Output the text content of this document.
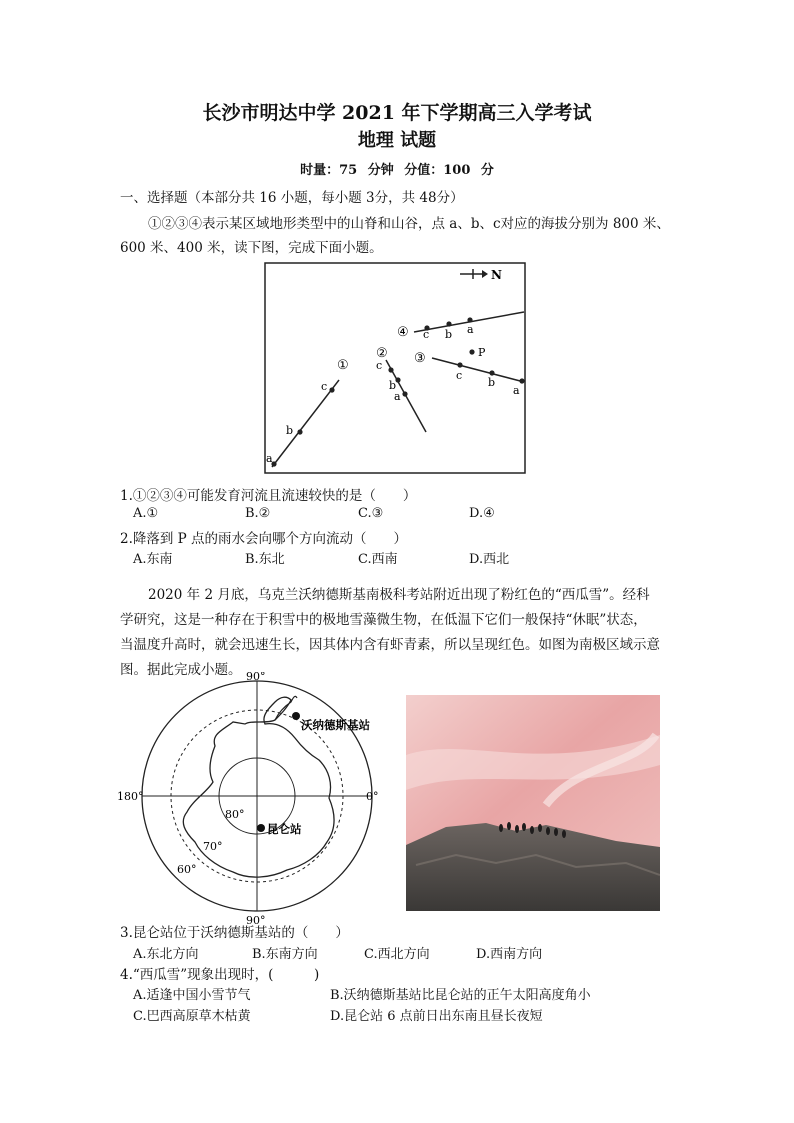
长沙市明达中学 2021 年下学期高三入学考试
地理 试题
时量：75 分钟 分值：100 分
一、选择题（本部分共 16 小题，每小题 3分，共 48分）
①②③④表示某区域地形类型中的山脊和山谷，点 a、b、c对应的海拔分别为 800 米、
600 米、400 米，读下图，完成下面小题。
N
a
b
c
① c
b
a
②
c
b
a
③	P
c b a
④
1.①②③④可能发育河流且流速较快的是（　　）
A.①	B.②	C.③	D.④
2.降落到 P 点的雨水会向哪个方向流动（　　）
A.东南	B.东北	C.西南	D.西北
2020 年 2 月底，乌克兰沃纳德斯基南极科考站附近出现了粉红色的“西瓜雪”。经科
学研究，这是一种存在于积雪中的极地雪藻微生物，在低温下它们一般保持“休眠”状态，
当温度升高时，就会迅速生长，因其体内含有虾青素，所以呈现红色。如图为南极区域示意
图。据此完成小题。
沃纳德斯基站
昆仑站
90°
90°
180°	0°
80°
70°
60°
3.昆仑站位于沃纳德斯基站的（　　）
A.东北方向	B.东南方向	C.西北方向	D.西南方向
4.“西瓜雪”现象出现时，(　　　)
A.适逢中国小雪节气	B.沃纳德斯基站比昆仑站的正午太阳高度角小
C.巴西高原草木枯黄	D.昆仑站 6 点前日出东南且昼长夜短
